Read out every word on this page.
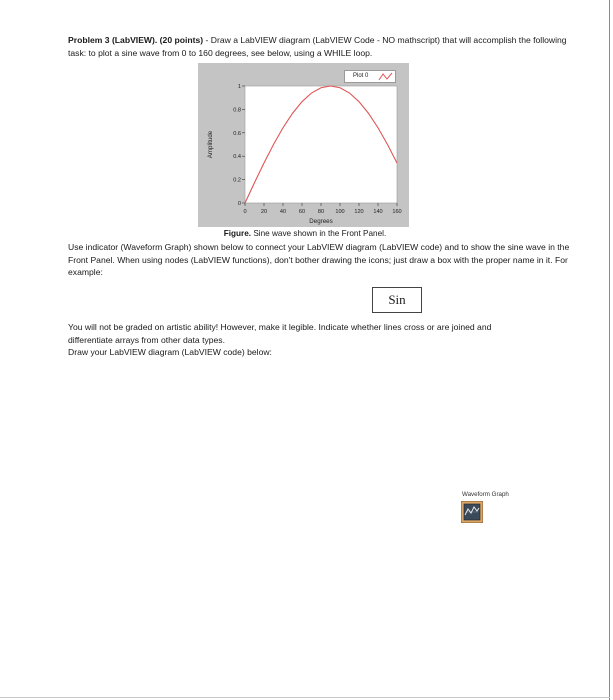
Problem 3 (LabVIEW). (20 points) - Draw a LabVIEW diagram (LabVIEW Code - NO mathscript) that will accomplish the following task: to plot a sine wave from 0 to 160 degrees, see below, using a WHILE loop.

0
0.2
0.4
0.6
0.8
1
0	20 40 60 80 100 120 140 160
Degrees
Amplitude
Plot 0
Figure. Sine wave shown in the Front Panel.

Use indicator (Waveform Graph) shown below to connect your LabVIEW diagram (LabVIEW code) and to show the sine wave in the Front Panel. When using nodes (LabVIEW functions), don't bother drawing the icons; just draw a box with the proper name in it. For example:

Sin
You will not be graded on artistic ability! However, make it legible. Indicate whether lines cross or are joined and differentiate arrays from other data types.
Draw your LabVIEW diagram (LabVIEW code) below:
Waveform Graph
